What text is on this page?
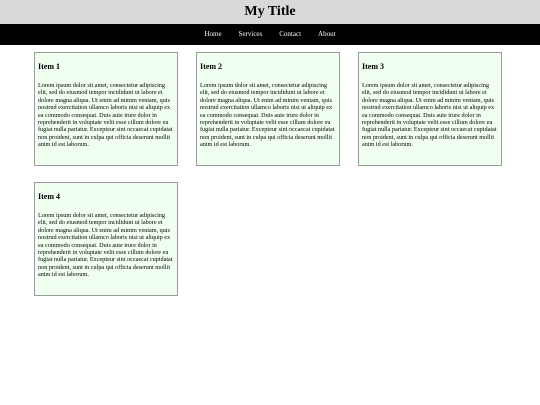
My Title
Home Services Contact About
Item 1

Lorem ipsum dolor sit amet, consectetur adipiscing elit, sed do eiusmod tempor incididunt ut labore et dolore magna aliqua. Ut enim ad minim veniam, quis nostrud exercitation ullamco laboris nisi ut aliquip ex ea commodo consequat. Duis aute irure dolor in reprehenderit in voluptate velit esse cillum dolore eu fugiat nulla pariatur. Excepteur sint occaecat cupidatat non proident, sunt in culpa qui officia deserunt mollit anim id est laborum.

Item 2

Lorem ipsum dolor sit amet, consectetur adipiscing elit, sed do eiusmod tempor incididunt ut labore et dolore magna aliqua. Ut enim ad minim veniam, quis nostrud exercitation ullamco laboris nisi ut aliquip ex ea commodo consequat. Duis aute irure dolor in reprehenderit in voluptate velit esse cillum dolore eu fugiat nulla pariatur. Excepteur sint occaecat cupidatat non proident, sunt in culpa qui officia deserunt mollit anim id est laborum.

Item 3

Lorem ipsum dolor sit amet, consectetur adipiscing elit, sed do eiusmod tempor incididunt ut labore et dolore magna aliqua. Ut enim ad minim veniam, quis nostrud exercitation ullamco laboris nisi ut aliquip ex ea commodo consequat. Duis aute irure dolor in reprehenderit in voluptate velit esse cillum dolore eu fugiat nulla pariatur. Excepteur sint occaecat cupidatat non proident, sunt in culpa qui officia deserunt mollit anim id est laborum.

Item 4

Lorem ipsum dolor sit amet, consectetur adipiscing elit, sed do eiusmod tempor incididunt ut labore et dolore magna aliqua. Ut enim ad minim veniam, quis nostrud exercitation ullamco laboris nisi ut aliquip ex ea commodo consequat. Duis aute irure dolor in reprehenderit in voluptate velit esse cillum dolore eu fugiat nulla pariatur. Excepteur sint occaecat cupidatat non proident, sunt in culpa qui officia deserunt mollit anim id est laborum.
